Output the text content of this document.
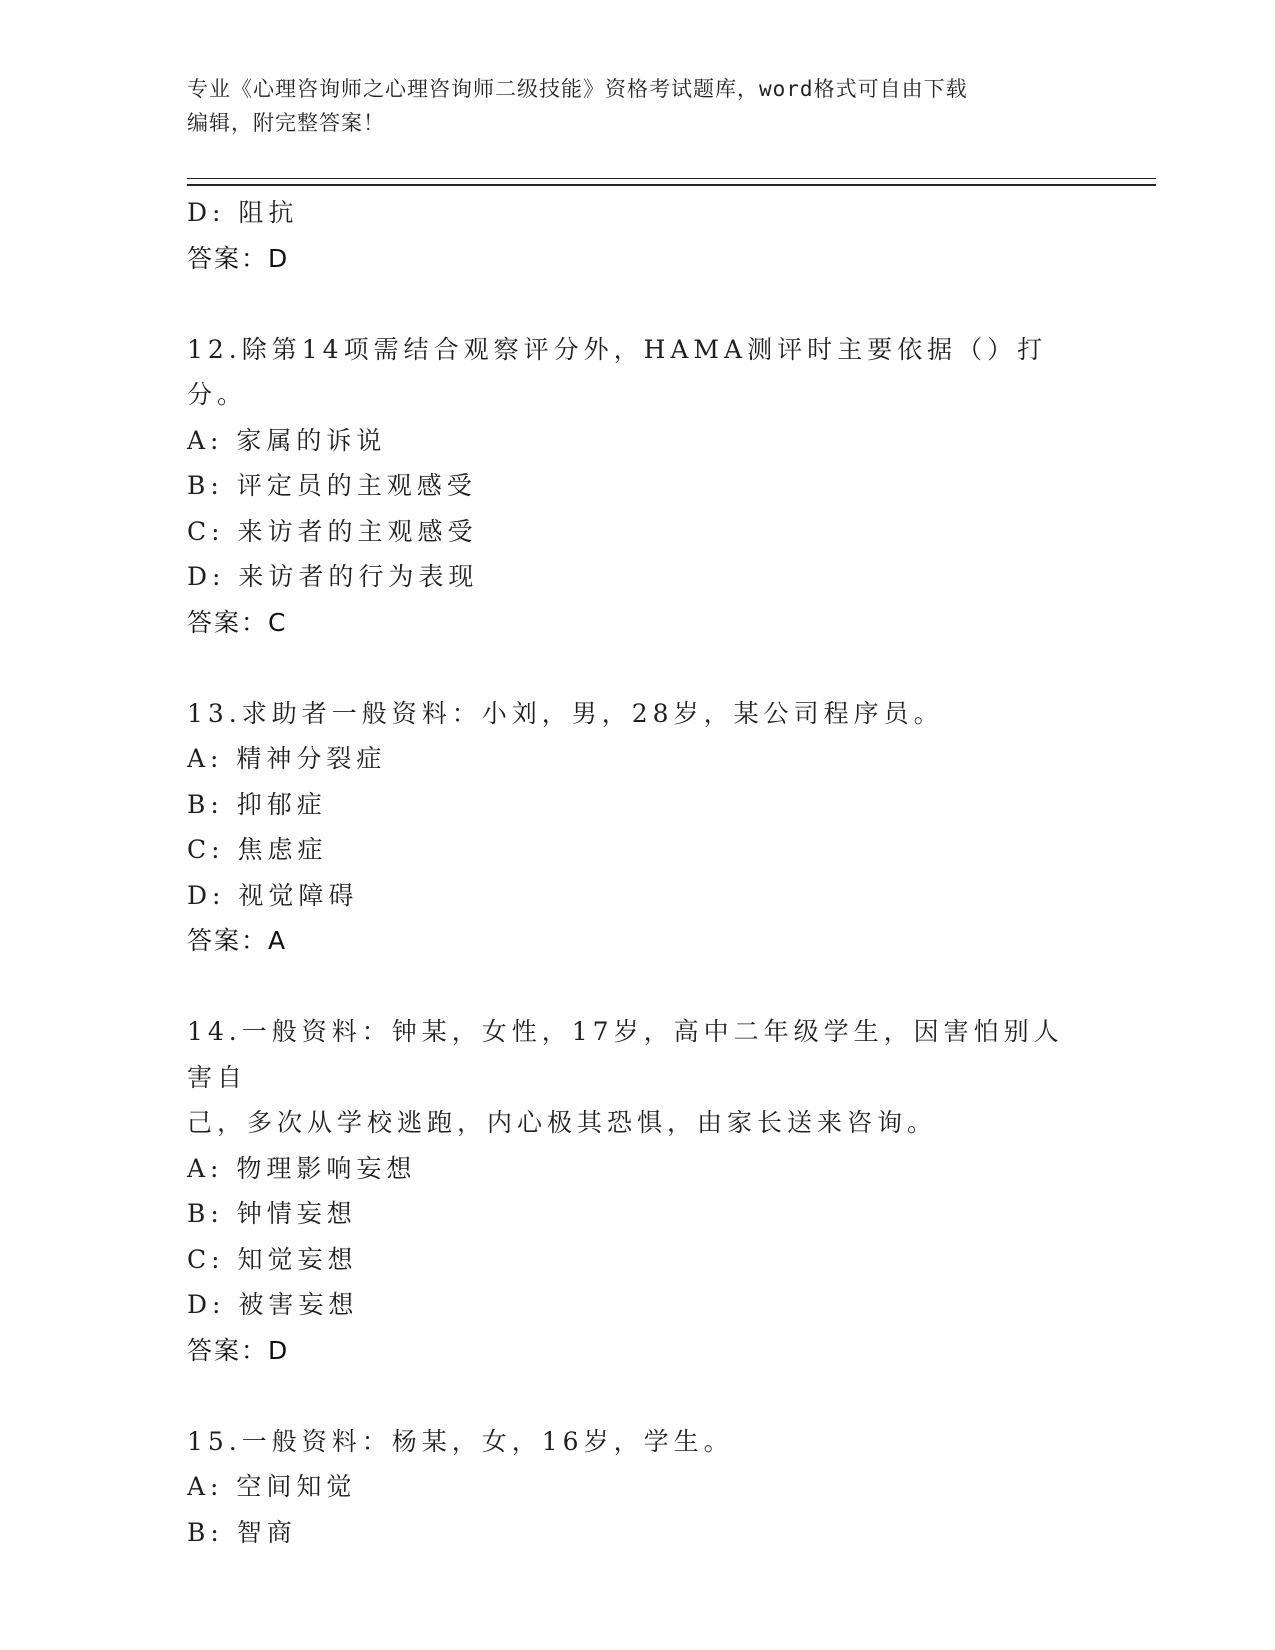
专业《心理咨询师之心理咨询师二级技能》资格考试题库，word格式可自由下载
编辑，附完整答案！
D: 阻抗
答案：D
12.除第14项需结合观察评分外，HAMA测评时主要依据（）打分。
A: 家属的诉说
B: 评定员的主观感受
C: 来访者的主观感受
D: 来访者的行为表现
答案：C
13.求助者一般资料：小刘，男，28岁，某公司程序员。
A: 精神分裂症
B: 抑郁症
C: 焦虑症
D: 视觉障碍
答案：A
14.一般资料：钟某，女性，17岁，高中二年级学生，因害怕别人害自
己，多次从学校逃跑，内心极其恐惧，由家长送来咨询。
A: 物理影响妄想
B: 钟情妄想
C: 知觉妄想
D: 被害妄想
答案：D
15.一般资料：杨某，女，16岁，学生。
A: 空间知觉
B: 智商
